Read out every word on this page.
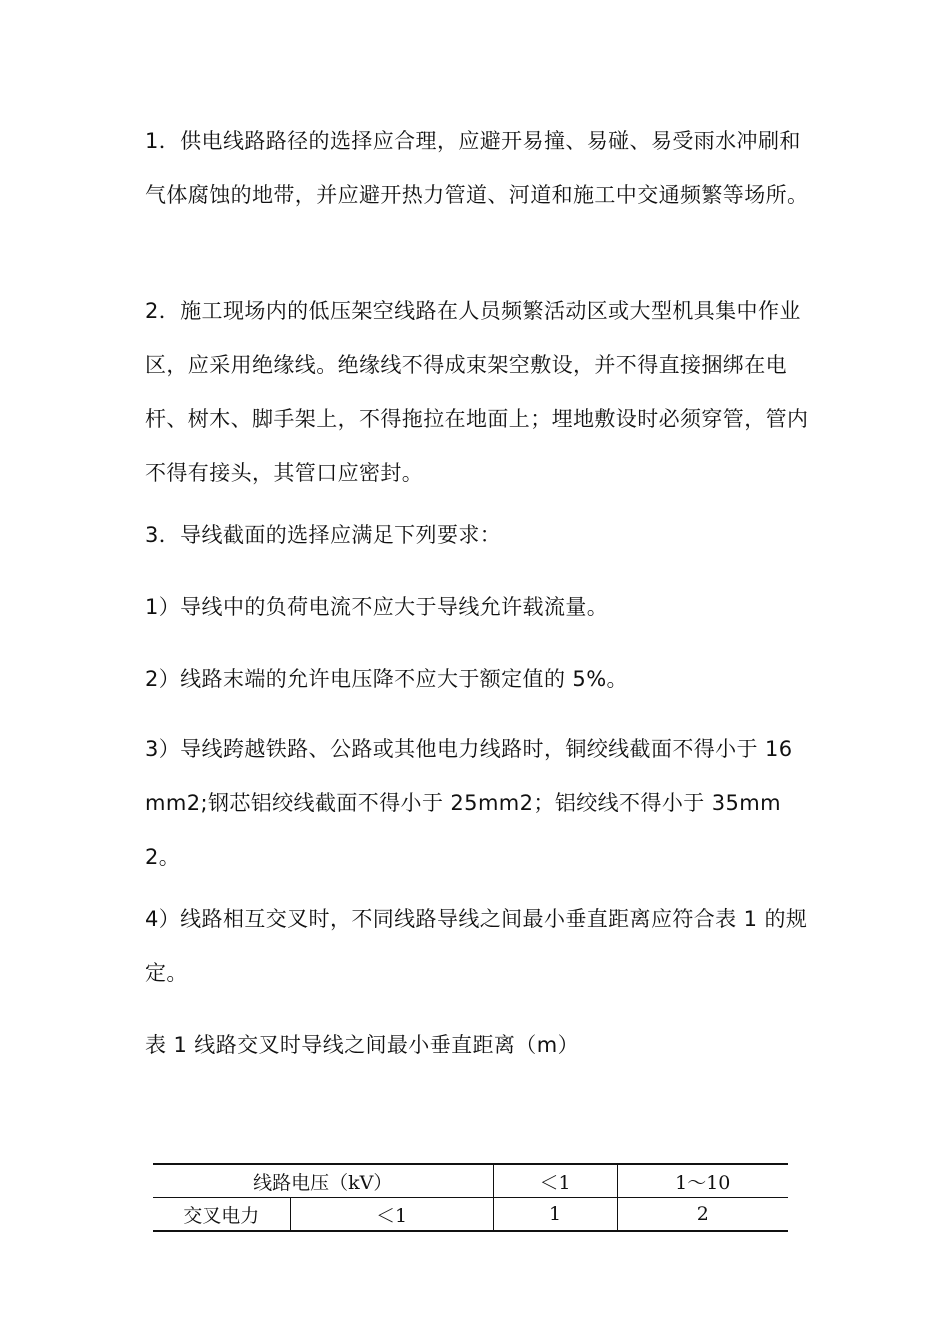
1．供电线路路径的选择应合理，应避开易撞、易碰、易受雨水冲刷和气体腐蚀的地带，并应避开热力管道、河道和施工中交通频繁等场所。

2．施工现场内的低压架空线路在人员频繁活动区或大型机具集中作业区，应采用绝缘线。绝缘线不得成束架空敷设，并不得直接捆绑在电杆、树木、脚手架上，不得拖拉在地面上；埋地敷设时必须穿管，管内不得有接头，其管口应密封。

3．导线截面的选择应满足下列要求：

1）导线中的负荷电流不应大于导线允许载流量。

2）线路末端的允许电压降不应大于额定值的 5%。

3）导线跨越铁路、公路或其他电力线路时，铜绞线截面不得小于 16mm2;钢芯铝绞线截面不得小于 25mm2；铝绞线不得小于 35mm2。

4）线路相互交叉时，不同线路导线之间最小垂直距离应符合表 1 的规定。

表 1 线路交叉时导线之间最小垂直距离（m）

线路电压（kV）		＜1	1～10
交叉电力	＜1	1	2
